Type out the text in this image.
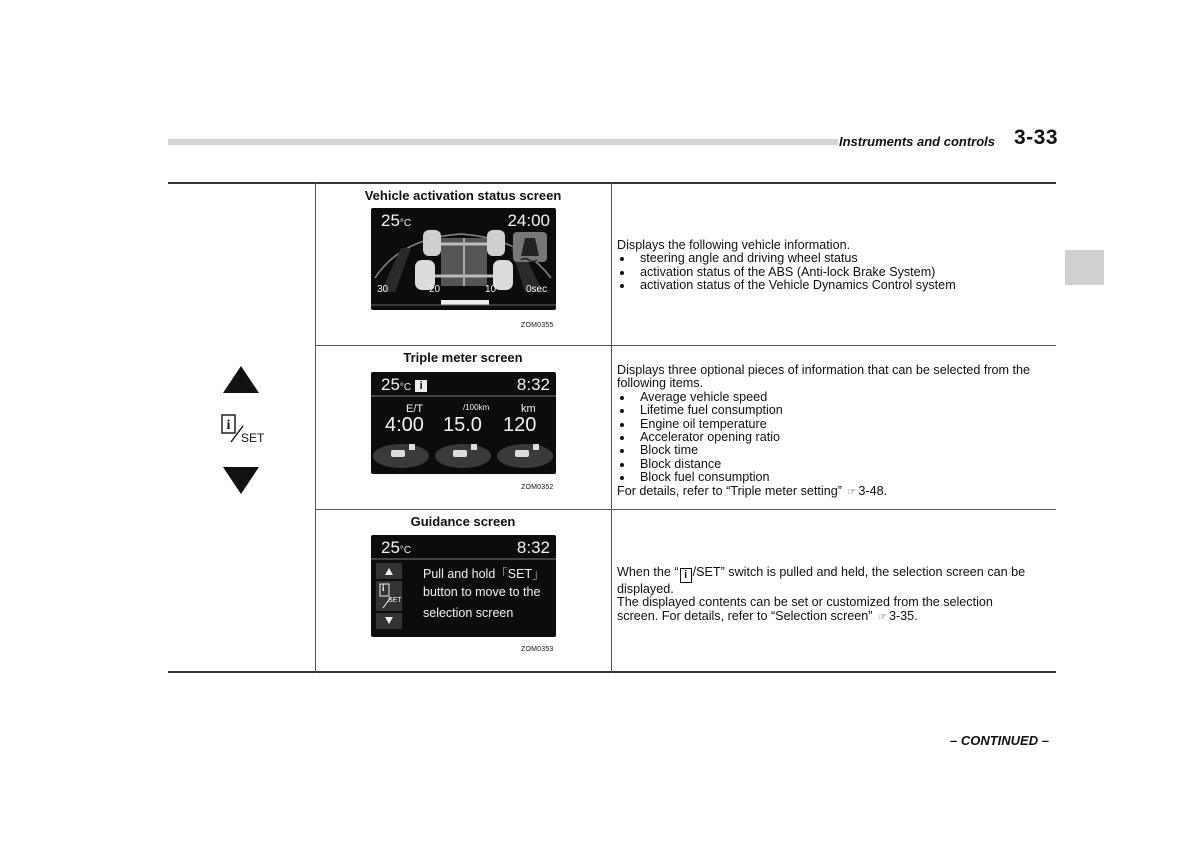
Instruments and controls 3-33
i
SET
Vehicle activation status screen
25°C	24:00
30	20	10	0sec
ZOM0355
Displays the following vehicle information.
steering angle and driving wheel status
activation status of the ABS (Anti-lock Brake System)
activation status of the Vehicle Dynamics Control system
Triple meter screen
25°C i	8:32
E/T	/100km	km
4:00 15.0 120
ZOM0352
Displays three optional pieces of information that can be selected from the
following items.
Average vehicle speed
Lifetime fuel consumption
Engine oil temperature
Accelerator opening ratio
Block time
Block distance
Block fuel consumption
For details, refer to “Triple meter setting” ☞ 3-48.
Guidance screen
i
SET
25°C	8:32
Pull and hold「SET」
button to move to the
selection screen
ZOM0353
When the “ i /SET” switch is pulled and held, the selection screen can be
displayed.
The displayed contents can be set or customized from the selection
screen. For details, refer to “Selection screen” ☞ 3-35.
– CONTINUED –
